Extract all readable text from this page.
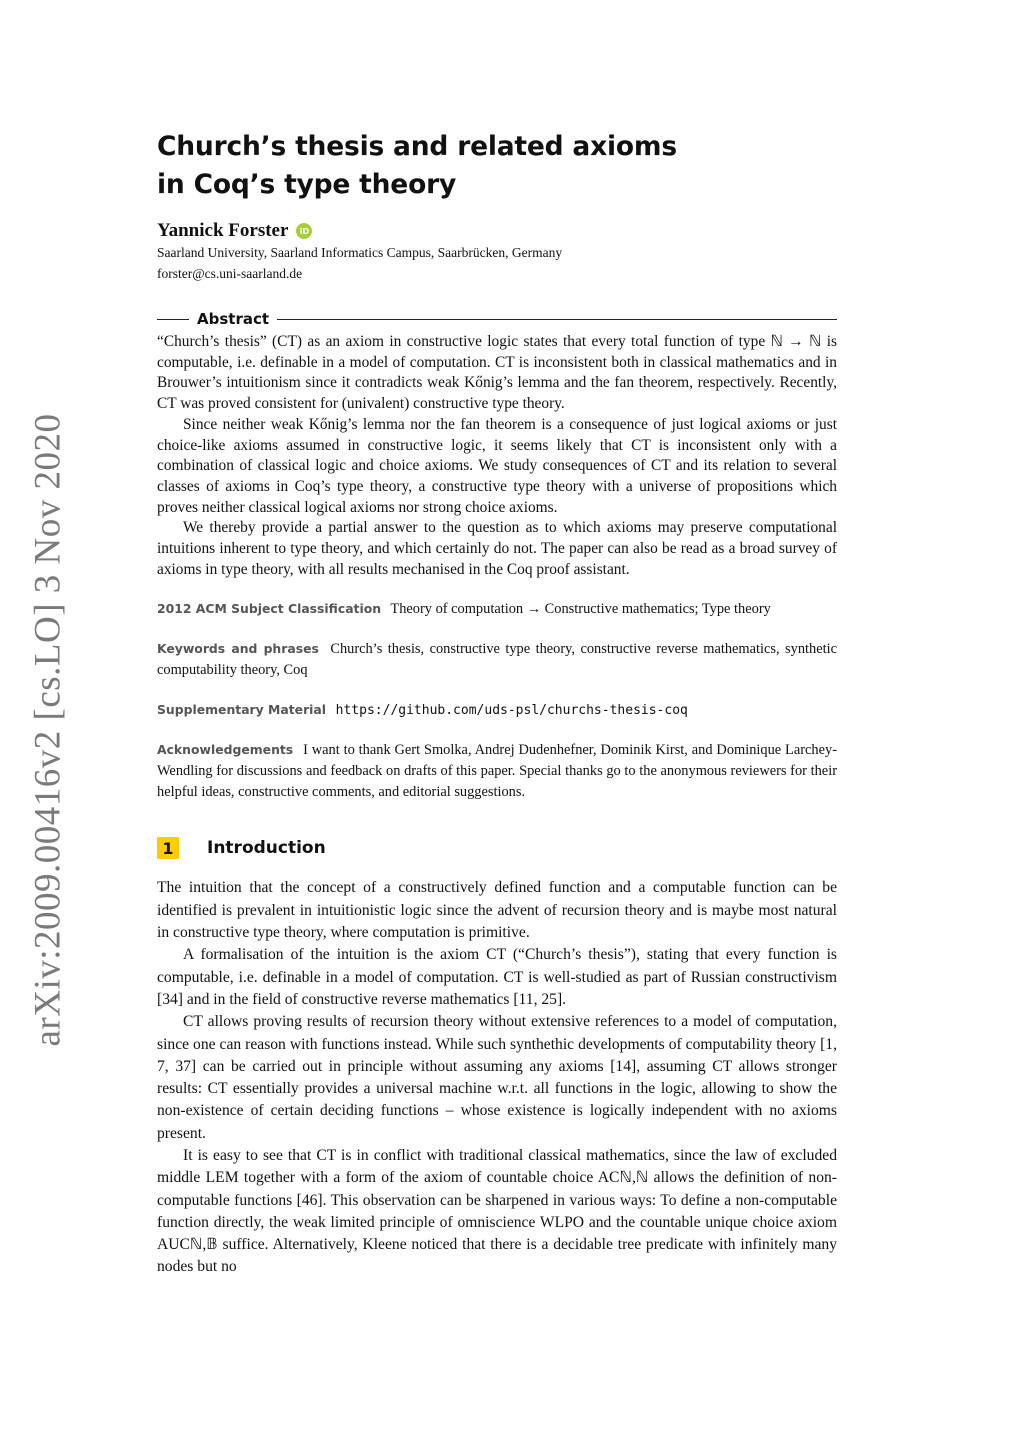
arXiv:2009.00416v2 [cs.LO] 3 Nov 2020
Church’s thesis and related axioms
in Coq’s type theory
Yannick Forster	iD
Saarland University, Saarland Informatics Campus, Saarbrücken, Germany
forster@cs.uni-saarland.de
Abstract

“Church’s thesis” (CT) as an axiom in constructive logic states that every total function of type ℕ → ℕ is computable, i.e. definable in a model of computation. CT is inconsistent both in classical mathematics and in Brouwer’s intuitionism since it contradicts weak Kőnig’s lemma and the fan theorem, respectively. Recently, CT was proved consistent for (univalent) constructive type theory.

Since neither weak Kőnig’s lemma nor the fan theorem is a consequence of just logical axioms or just choice-like axioms assumed in constructive logic, it seems likely that CT is inconsistent only with a combination of classical logic and choice axioms. We study consequences of CT and its relation to several classes of axioms in Coq’s type theory, a constructive type theory with a universe of propositions which proves neither classical logical axioms nor strong choice axioms.

We thereby provide a partial answer to the question as to which axioms may preserve computational intuitions inherent to type theory, and which certainly do not. The paper can also be read as a broad survey of axioms in type theory, with all results mechanised in the Coq proof assistant.

2012 ACM Subject Classification Theory of computation → Constructive mathematics; Type theory
Keywords and phrases Church’s thesis, constructive type theory, constructive reverse mathematics, synthetic computability theory, Coq
Supplementary Material https://github.com/uds-psl/churchs-thesis-coq
Acknowledgements I want to thank Gert Smolka, Andrej Dudenhefner, Dominik Kirst, and Dominique Larchey-Wendling for discussions and feedback on drafts of this paper. Special thanks go to the anonymous reviewers for their helpful ideas, constructive comments, and editorial suggestions.
1	Introduction

The intuition that the concept of a constructively defined function and a computable function can be identified is prevalent in intuitionistic logic since the advent of recursion theory and is maybe most natural in constructive type theory, where computation is primitive.

A formalisation of the intuition is the axiom CT (“Church’s thesis”), stating that every function is computable, i.e. definable in a model of computation. CT is well-studied as part of Russian constructivism [34] and in the field of constructive reverse mathematics [11, 25].

CT allows proving results of recursion theory without extensive references to a model of computation, since one can reason with functions instead. While such synthethic developments of computability theory [1, 7, 37] can be carried out in principle without assuming any axioms [14], assuming CT allows stronger results: CT essentially provides a universal machine w.r.t. all functions in the logic, allowing to show the non-existence of certain deciding functions – whose existence is logically independent with no axioms present.

It is easy to see that CT is in conflict with traditional classical mathematics, since the law of excluded middle LEM together with a form of the axiom of countable choice ACℕ,ℕ allows the definition of non-computable functions [46]. This observation can be sharpened in various ways: To define a non-computable function directly, the weak limited principle of omniscience WLPO and the countable unique choice axiom AUCℕ,𝔹 suffice. Alternatively, Kleene noticed that there is a decidable tree predicate with infinitely many nodes but no
